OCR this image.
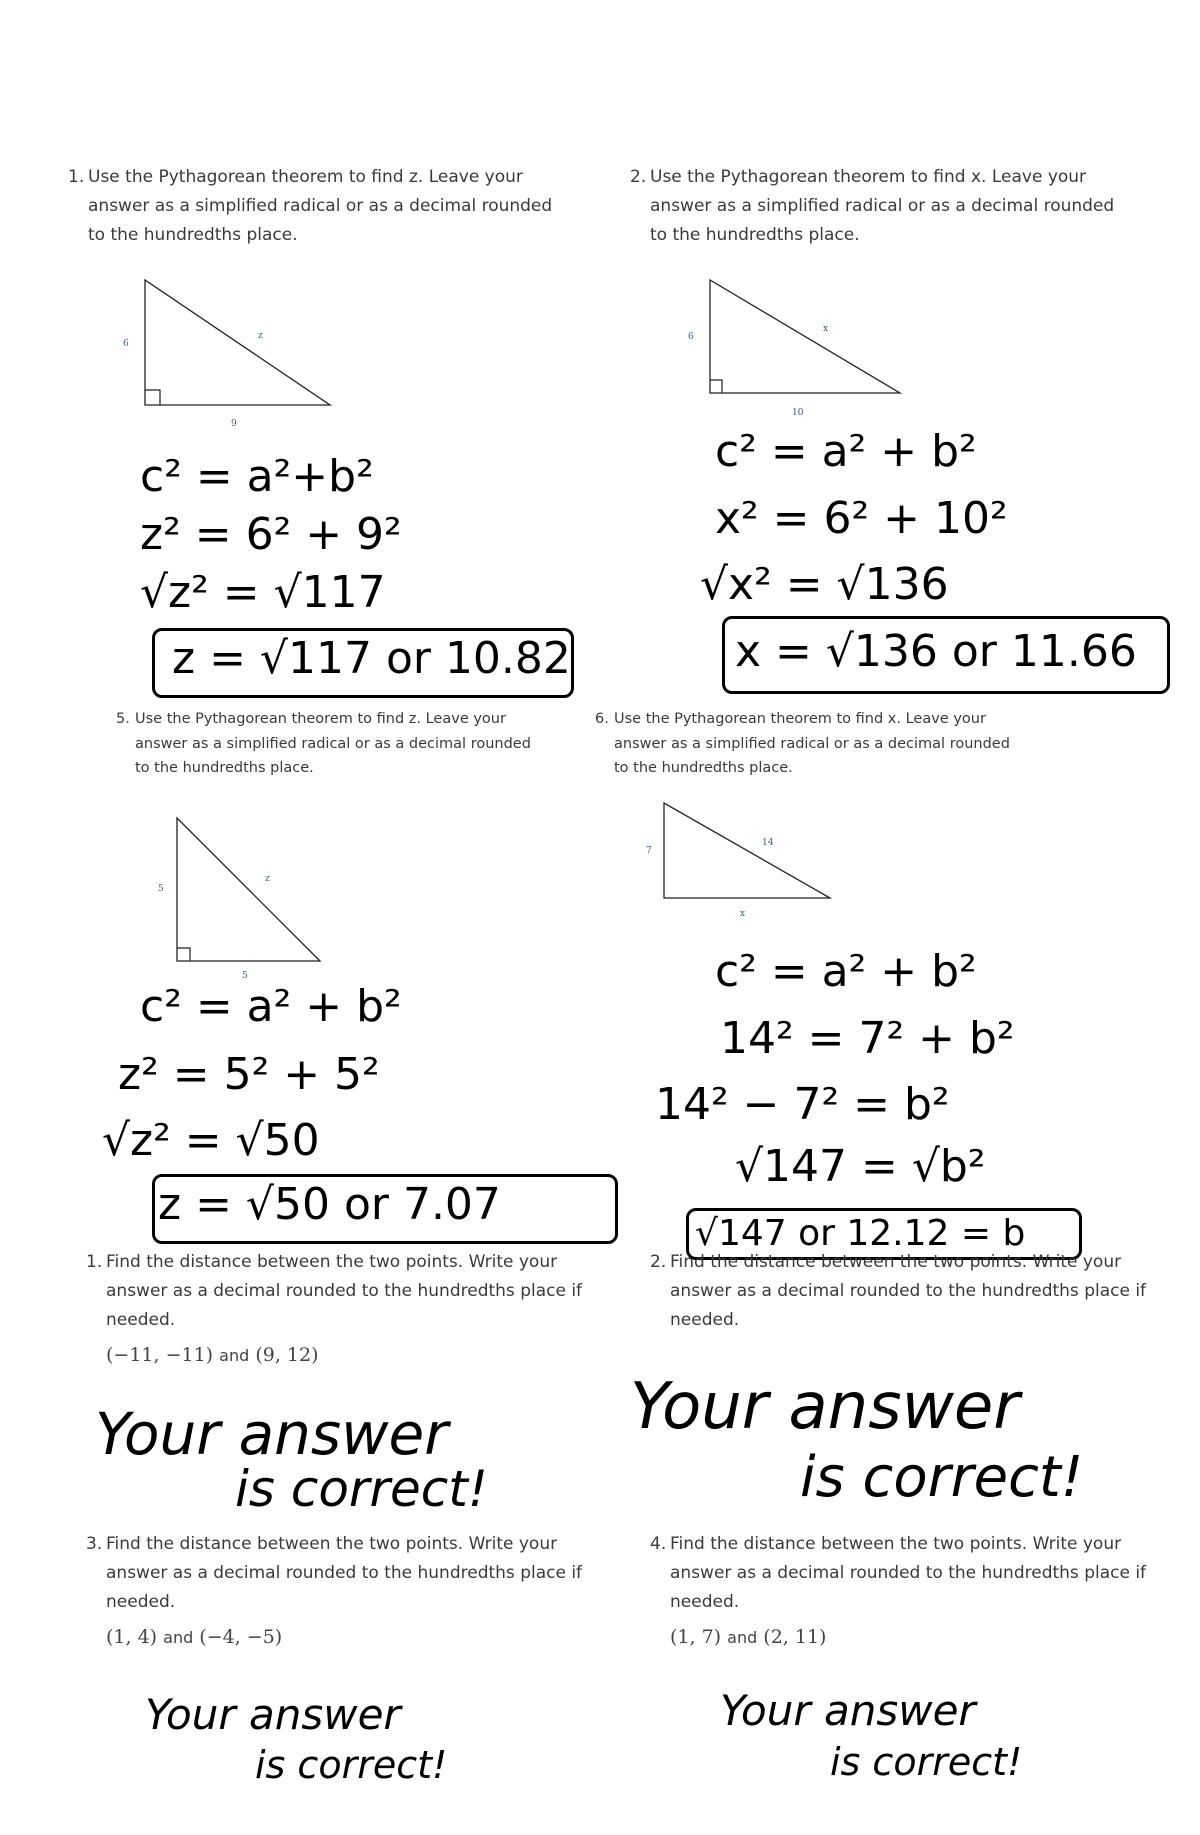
1. Use the Pythagorean theorem to find z. Leave your
answer as a simplified radical or as a decimal rounded
to the hundredths place.
6
9
z
c² = a²+b²
z² = 6² + 9²
√z² = √117
z = √117 or 10.82
2. Use the Pythagorean theorem to find x. Leave your
answer as a simplified radical or as a decimal rounded
to the hundredths place.
6
10
x
c² = a² + b²
x² = 6² + 10²
√x² = √136
x = √136 or 11.66
5. Use the Pythagorean theorem to find z. Leave your
answer as a simplified radical or as a decimal rounded
to the hundredths place.
5
5
z
c² = a² + b²
z² = 5² + 5²
√z² = √50
z = √50 or 7.07
6. Use the Pythagorean theorem to find x. Leave your
answer as a simplified radical or as a decimal rounded
to the hundredths place.
7
x
14
c² = a² + b²
14² = 7² + b²
14² − 7² = b²
√147 = √b²
√147 or 12.12 = b
1. Find the distance between the two points. Write your
answer as a decimal rounded to the hundredths place if
needed.
(−11, −11) and (9, 12)
Your answer
is correct!
2. Find the distance between the two points. Write your
answer as a decimal rounded to the hundredths place if
needed.
Your answer
is correct!
3. Find the distance between the two points. Write your
answer as a decimal rounded to the hundredths place if
needed.
(1, 4) and (−4, −5)
Your answer
is correct!
4. Find the distance between the two points. Write your
answer as a decimal rounded to the hundredths place if
needed.
(1, 7) and (2, 11)
Your answer
is correct!
